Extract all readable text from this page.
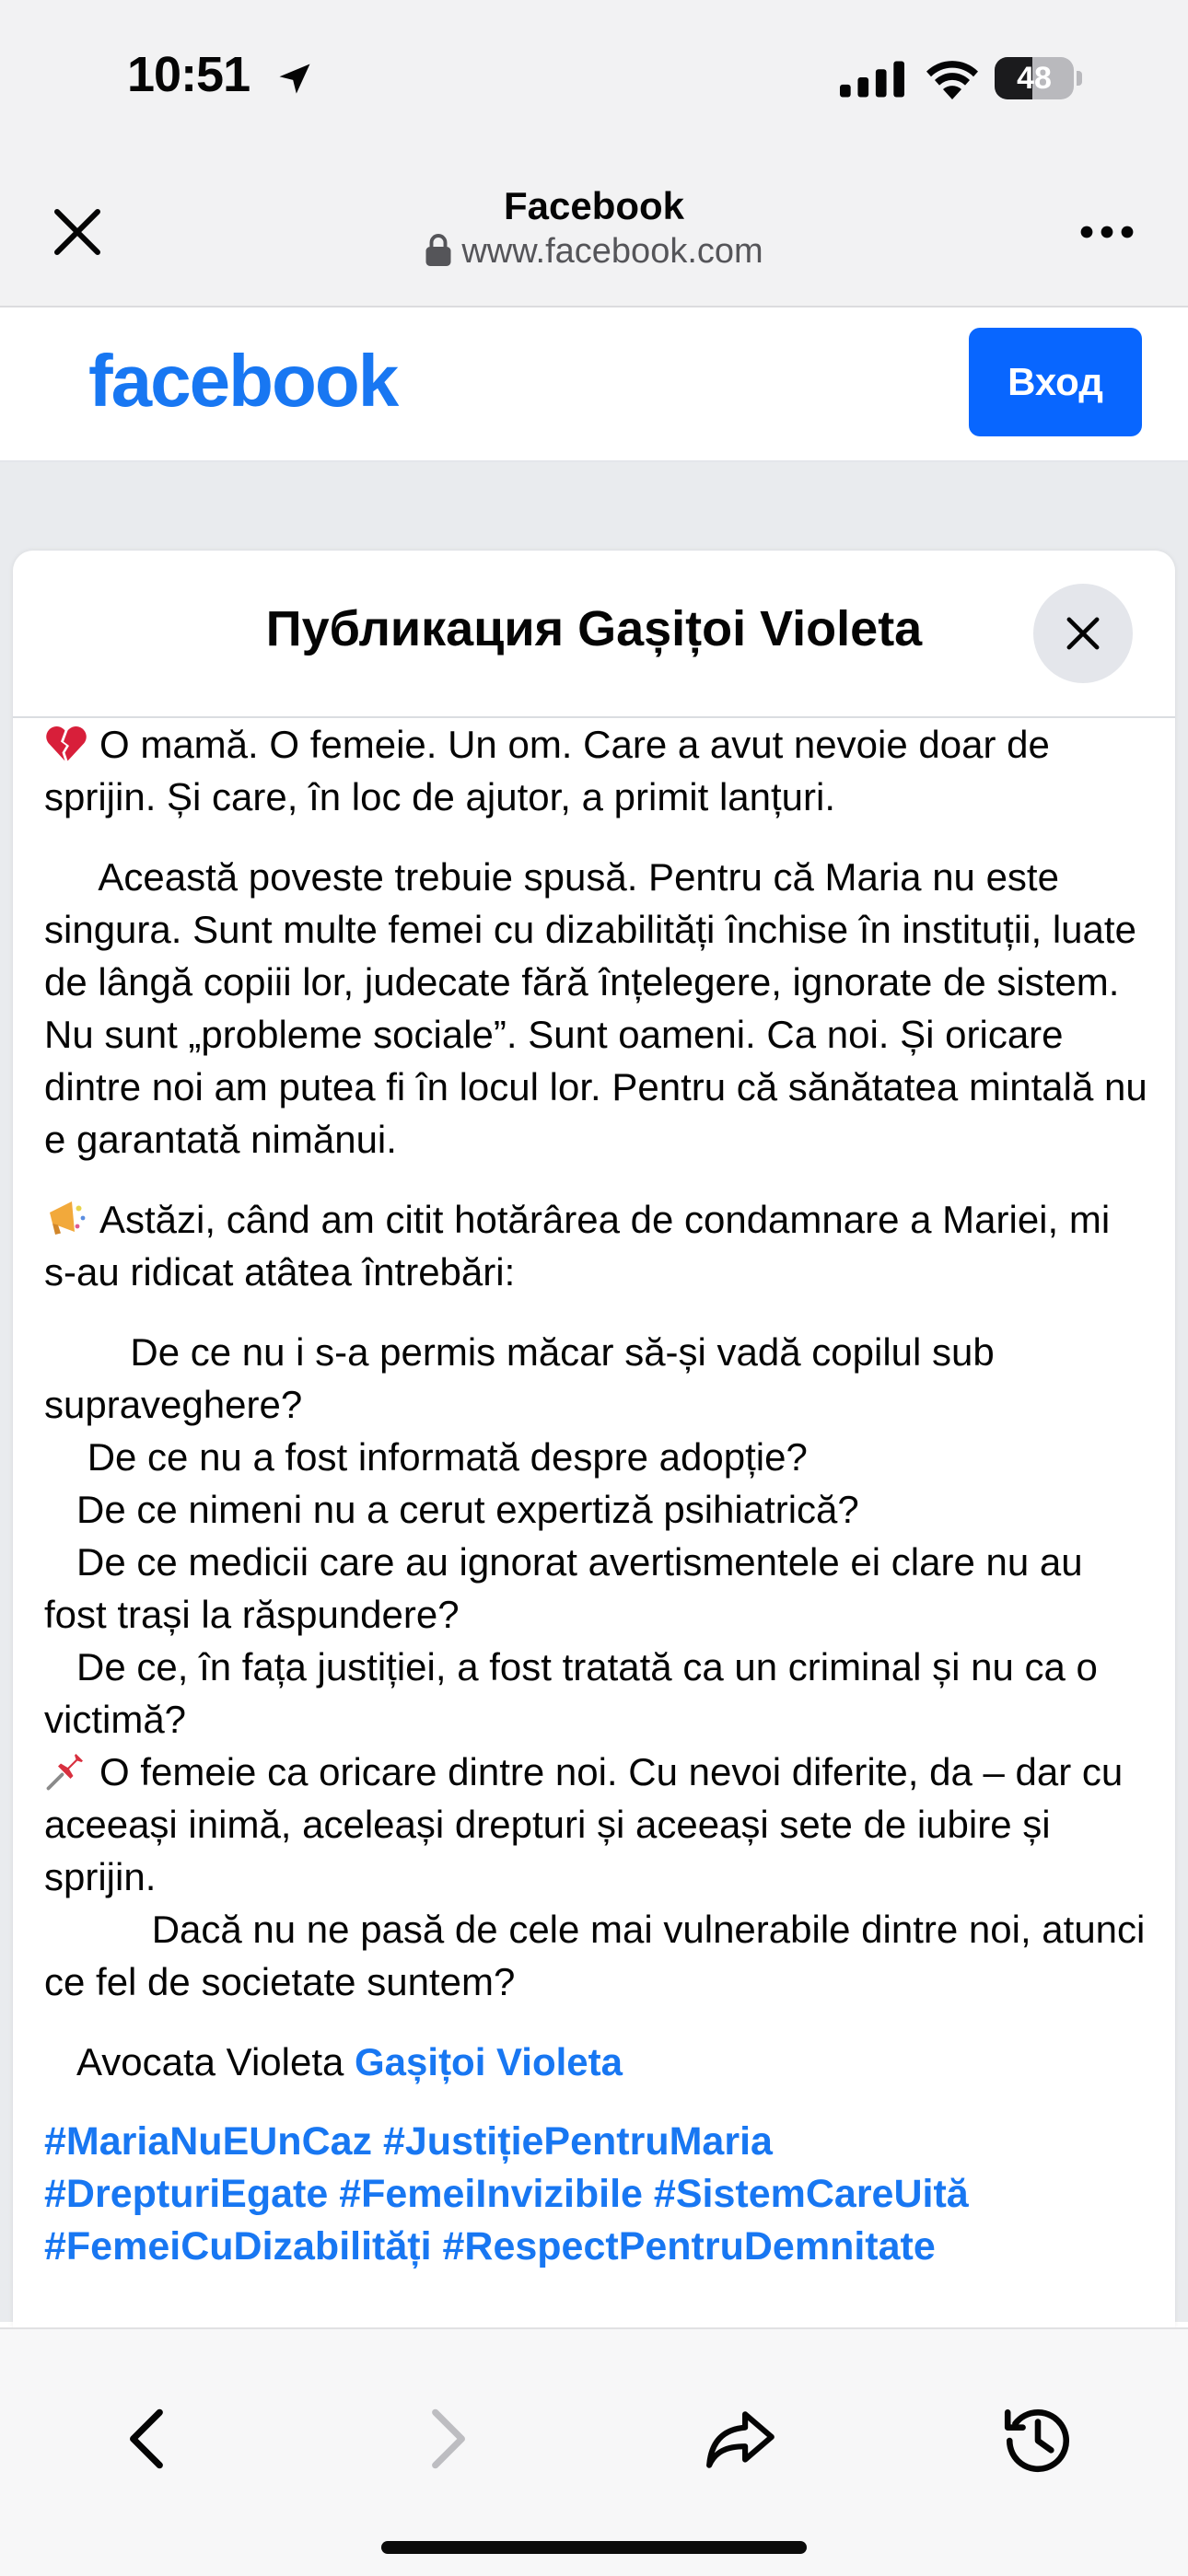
10:51	48
Facebook
www.facebook.com
facebook	Вход
Публикация Gașițoi Violeta

O mamă. O femeie. Un om. Care a avut nevoie doar de sprijin. Și care, în loc de ajutor, a primit lanțuri.

Această poveste trebuie spusă. Pentru că Maria nu este singura. Sunt multe femei cu dizabilități închise în instituții, luate de lângă copiii lor, judecate fără înțelegere, ignorate de sistem. Nu sunt „probleme sociale”. Sunt oameni. Ca noi. Și oricare dintre noi am putea fi în locul lor. Pentru că sănătatea mintală nu e garantată nimănui.

Astăzi, când am citit hotărârea de condamnare a Mariei, mi s-au ridicat atâtea întrebări:

De ce nu i s-a permis măcar să-și vadă copilul sub supraveghere?

De ce nu a fost informată despre adopție?

De ce nimeni nu a cerut expertiză psihiatrică?

De ce medicii care au ignorat avertismentele ei clare nu au fost trași la răspundere?

De ce, în fața justiției, a fost tratată ca un criminal și nu ca o victimă?

O femeie ca oricare dintre noi. Cu nevoi diferite, da – dar cu aceeași inimă, aceleași drepturi și aceeași sete de iubire și sprijin.

Dacă nu ne pasă de cele mai vulnerabile dintre noi, atunci ce fel de societate suntem?

Avocata Violeta Gașițoi Violeta

#MariaNuEUnCaz #JustițiePentruMaria

#DrepturiEgate #FemeiInvizibile #SistemCareUită

#FemeiCuDizabilități #RespectPentruDemnitate
